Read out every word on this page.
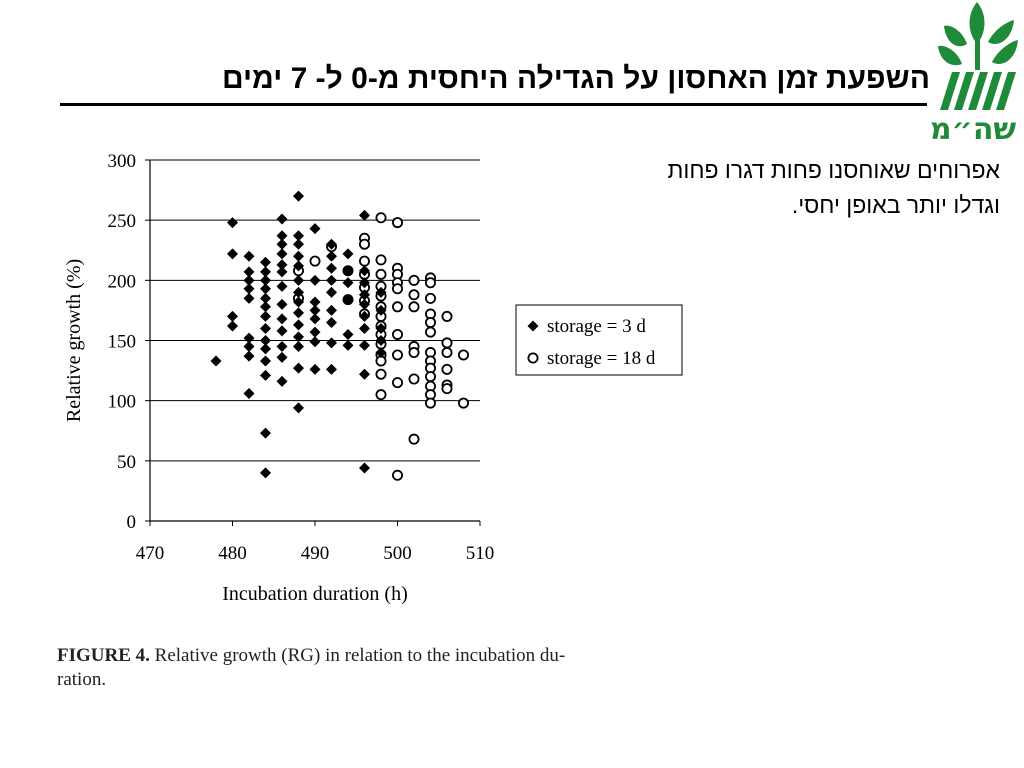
השפעת זמן האחסון על הגדילה היחסית מ-0 ל- 7 ימים
שה״מ
אפרוחים שאוחסנו פחות דגרו פחות
וגדלו יותר באופן יחסי.
0
50
100
150
200
250
300
470	480	490	500	510
Incubation duration (h)
Relative growth (%)	storage = 3 d
storage = 18 d
FIGURE 4. Relative growth (RG) in relation to the incubation du-
ration.
